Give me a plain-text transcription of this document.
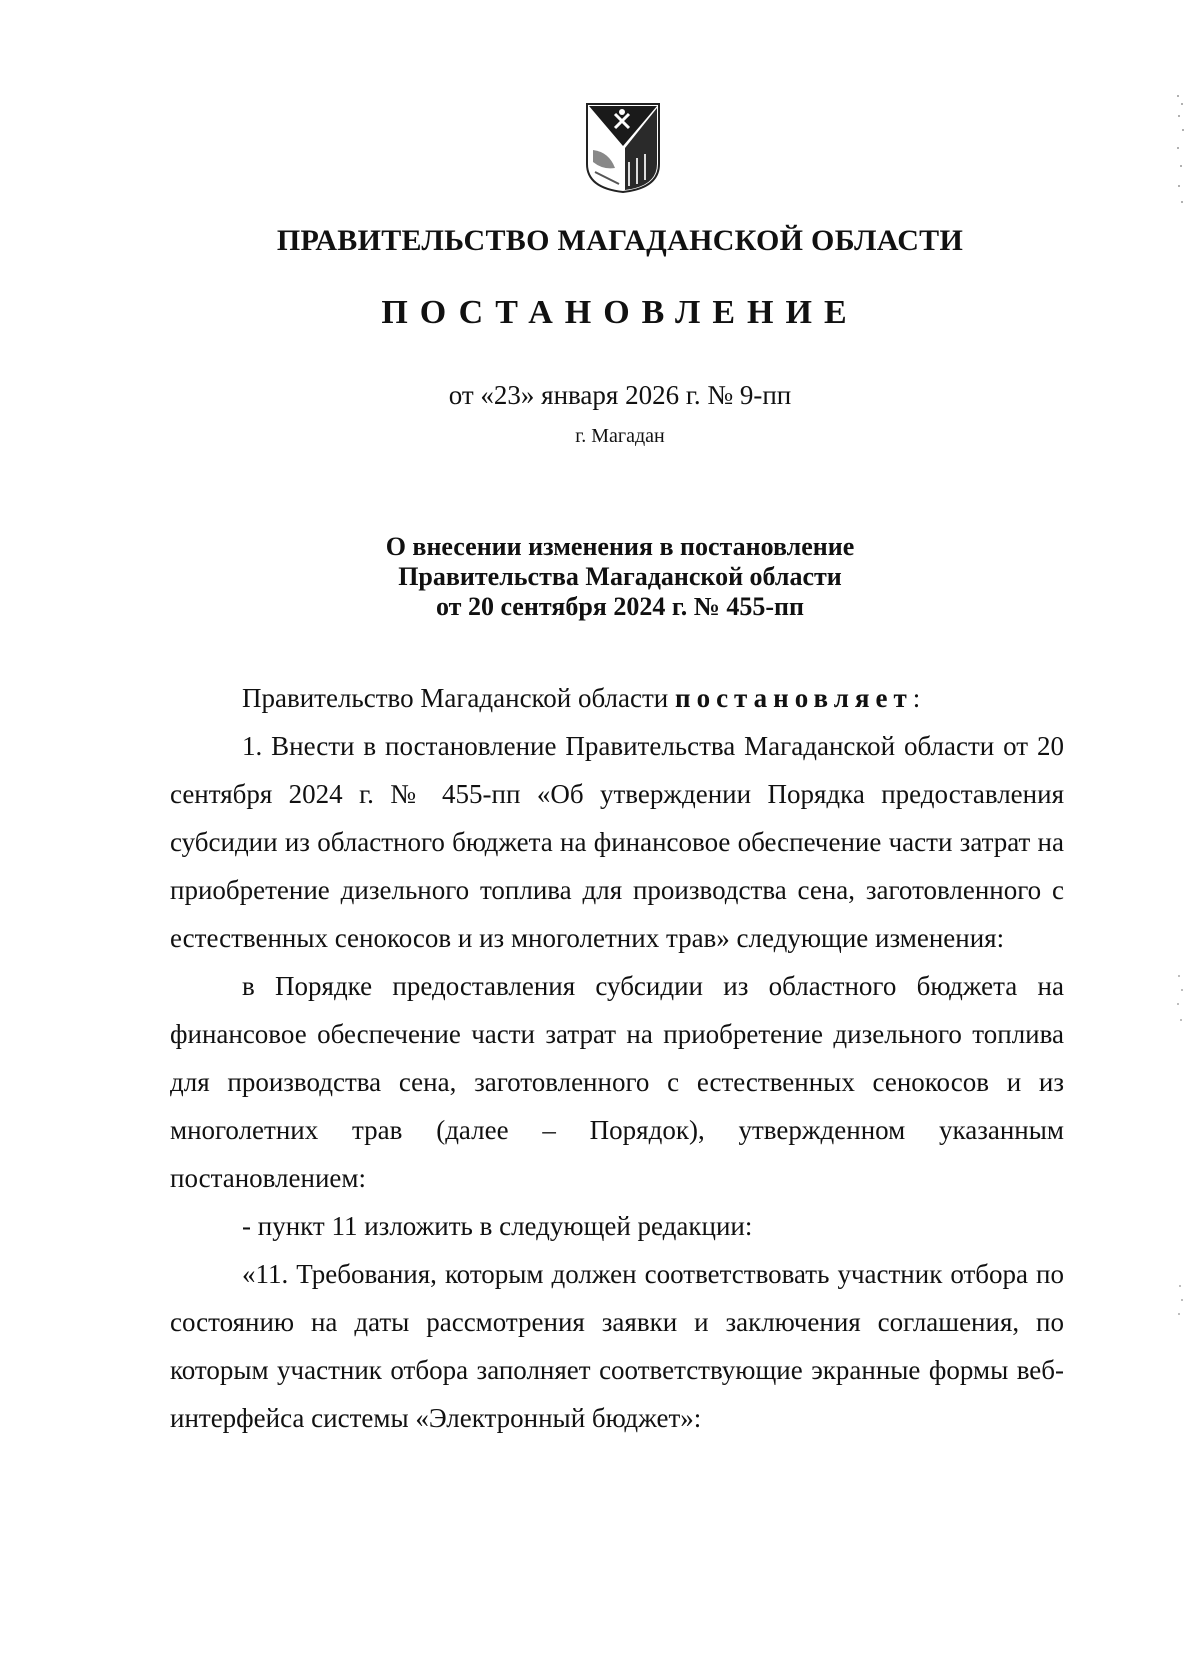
ПРАВИТЕЛЬСТВО МАГАДАНСКОЙ ОБЛАСТИ
ПОСТАНОВЛЕНИЕ
от «23» января 2026 г. № 9-пп
г. Магадан
О внесении изменения в постановление
Правительства Магаданской области
от 20 сентября 2024 г. № 455-пп

Правительство Магаданской области постановляет:

1. Внести в постановление Правительства Магаданской области от 20 сентября 2024 г. № 455-пп «Об утверждении Порядка предоставления субсидии из областного бюджета на финансовое обеспечение части затрат на приобретение дизельного топлива для производства сена, заготовленного с естественных сенокосов и из многолетних трав» следующие изменения:

в Порядке предоставления субсидии из областного бюджета на финансовое обеспечение части затрат на приобретение дизельного топлива для производства сена, заготовленного с естественных сенокосов и из многолетних трав (далее – Порядок), утвержденном указанным постановлением:

- пункт 11 изложить в следующей редакции:

«11. Требования, которым должен соответствовать участник отбора по состоянию на даты рассмотрения заявки и заключения соглашения, по которым участник отбора заполняет соответствующие экранные формы веб-интерфейса системы «Электронный бюджет»:
